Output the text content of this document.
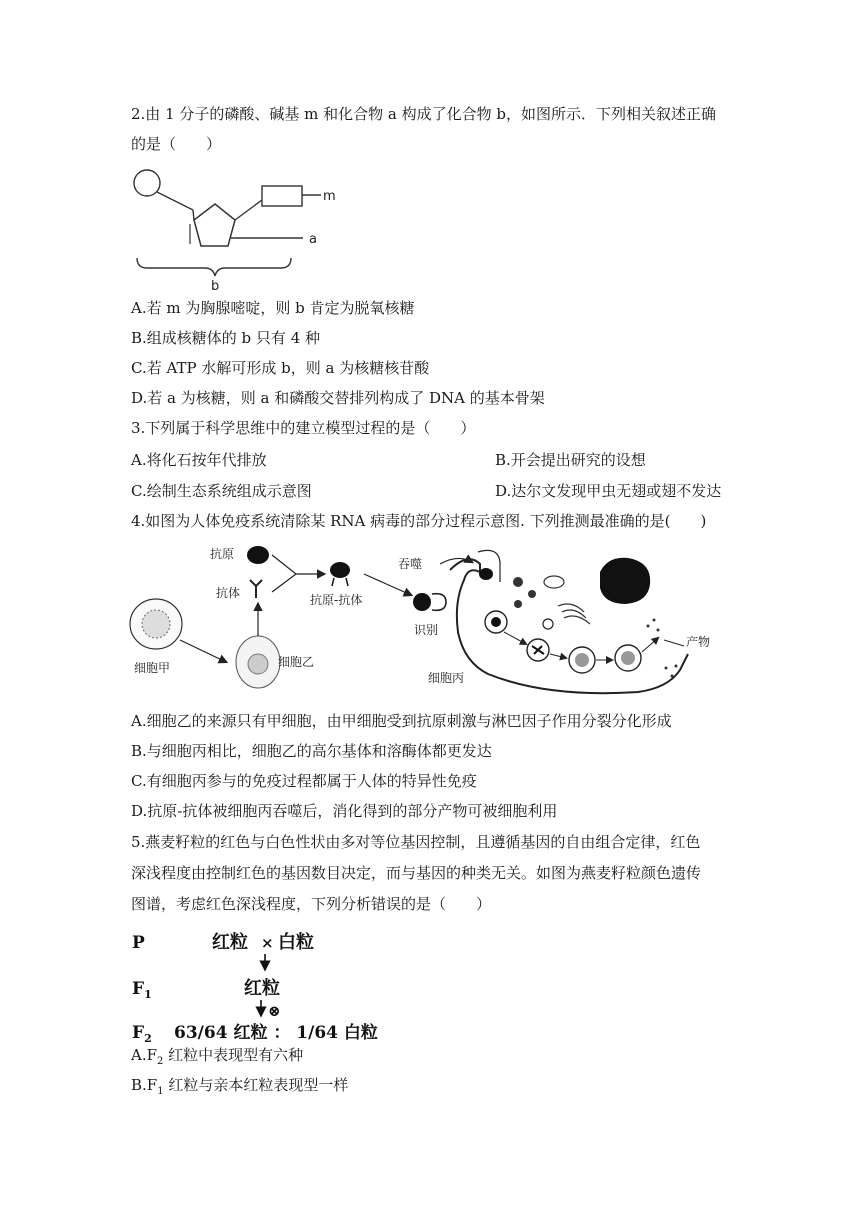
2.由 1 分子的磷酸、碱基 m 和化合物 a 构成了化合物 b，如图所示．下列相关叙述正确
的是（　　）
m
a
b
A.若 m 为胸腺嘧啶，则 b 肯定为脱氧核糖
B.组成核糖体的 b 只有 4 种
C.若 ATP 水解可形成 b，则 a 为核糖核苷酸
D.若 a 为核糖，则 a 和磷酸交替排列构成了 DNA 的基本骨架
3.下列属于科学思维中的建立模型过程的是（　　）
A.将化石按年代排放	B.开会提出研究的设想
C.绘制生态系统组成示意图	D.达尔文发现甲虫无翅或翅不发达
4.如图为人体免疫系统清除某 RNA 病毒的部分过程示意图. 下列推测最准确的是(　　)
抗原
抗体	抗原-抗体
细胞甲	细胞乙
吞噬
识别
产物
细胞丙
A.细胞乙的来源只有甲细胞，由甲细胞受到抗原刺激与淋巴因子作用分裂分化形成
B.与细胞丙相比，细胞乙的高尔基体和溶酶体都更发达
C.有细胞丙参与的免疫过程都属于人体的特异性免疫
D.抗原-抗体被细胞丙吞噬后，消化得到的部分产物可被细胞利用
5.燕麦籽粒的红色与白色性状由多对等位基因控制，且遵循基因的自由组合定律，红色
深浅程度由控制红色的基因数目决定，而与基因的种类无关。如图为燕麦籽粒颜色遗传
图谱，考虑红色深浅程度，下列分析错误的是（　　）
P	红粒 × 白粒
$F_1$	红粒
⊗
$F_2$ 63/64 红粒 ： 1/64 白粒
$A.F_2$ 红粒中表现型有六种
$B.F_1$ 红粒与亲本红粒表现型一样
